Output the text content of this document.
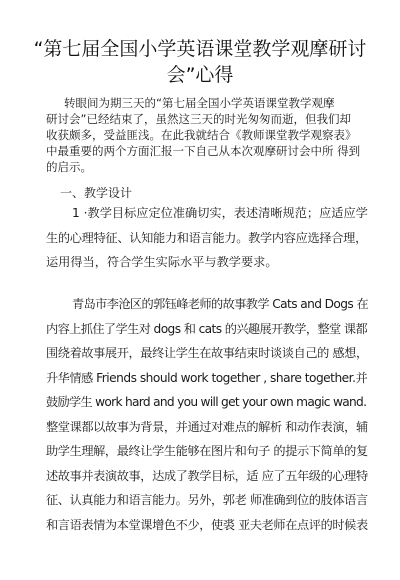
“第七届全国小学英语课堂教学观摩研讨
会”心得
转眼间为期三天的“第七届全国小学英语课堂教学观摩
研讨会”已经结束了，虽然这三天的时光匆匆而逝，但我们却
收获颇多，受益匪浅。在此我就结合《教师课堂教学观察表》
中最重要的两个方面汇报一下自己从本次观摩研讨会中所 得到
的启示。
一、教学设计
1 ·教学目标应定位准确切实，表述清晰规范；应适应学
生的心理特征、认知能力和语言能力。教学内容应选择合理，
运用得当，符合学生实际水平与教学要求。
青岛市李沧区的郭钰峰老师的故事教学 Cats and Dogs 在
内容上抓住了学生对 dogs 和 cats 的兴趣展开教学，整堂 课都
围绕着故事展开，最终让学生在故事结束时谈谈自己的 感想，
升华情感 Friends should work together , share together.并
鼓励学生 work hard and you will get your own magic wand.
整堂课都以故事为背景，并通过对难点的解析 和动作表演，辅
助学生理解，最终让学生能够在图片和句子 的提示下简单的复
述故事并表演故事，达成了教学目标，适 应了五年级的心理特
征、认真能力和语言能力。另外，郭老 师准确到位的肢体语言
和言语表情为本堂课增色不少，使裘 亚夫老师在点评的时候表
